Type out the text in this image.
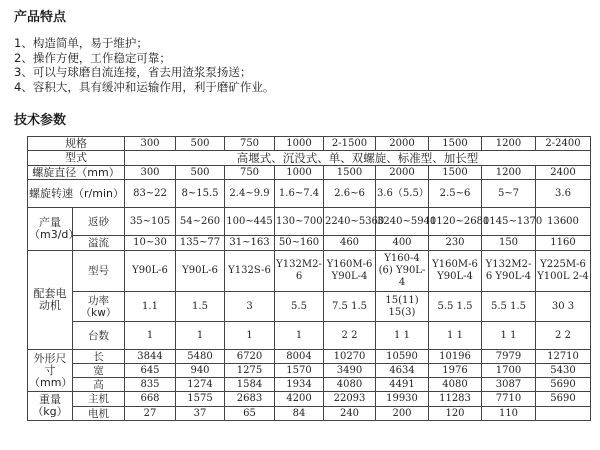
产品特点
1、构造简单，易于维护；
2、操作方便，工作稳定可靠；
3、可以与球磨自流连接，省去用渣浆泵扬送；
4、容积大，具有缓冲和运输作用，利于磨矿作业。
技术参数
规格		300	500	750	1000	2-1500	2000	1500	1200	2-2400
型式		高堰式、沉没式、单、双螺旋、标准型、加长型								
螺旋直径（mm）		300	500	750	1000	1500	2000	1500	1200	2400
螺旋转速（r/min）		83~22	8~15.5	2.4~9.9	1.6~7.4	2.6~6	3.6（5.5）	2.5~6	5~7	3.6
产量（m3/d）	返砂	35~105	54~260	100~445	130~700	2240~5360	3240~5940	1120~2680	1145~1370	13600
	溢流	10~30	135~77	31~163	50~160	460	400	230	150	1160
配套电动机	型号	Y90L-6	Y90L-6	Y132S-6	Y132M2-6	Y160M-6 Y90L-4	Y160-4 (6) Y90L-4	Y160M-6 Y90L-4	Y132M2-6 Y90L-4	Y225M-6 Y100L 2-4
	功率（kw）	1.1	1.5	3	5.5	7.5 1.5	15(11) 15(3)	5.5 1.5	5.5 1.5	30 3
	台数	1	1	1	1	2 2	1 1	1 1	1 1	2 2
外形尺寸（mm）	长	3844	5480	6720	8004	10270	10590	10196	7979	12710
	宽	645	940	1275	1570	3490	4634	1976	1700	5430
	高	835	1274	1584	1934	4080	4491	4080	3087	5690
重量（kg）	主机	668	1575	2683	4200	22093	19930	11283	7710	5690
	电机	27	37	65	84	240	200	120	110	
